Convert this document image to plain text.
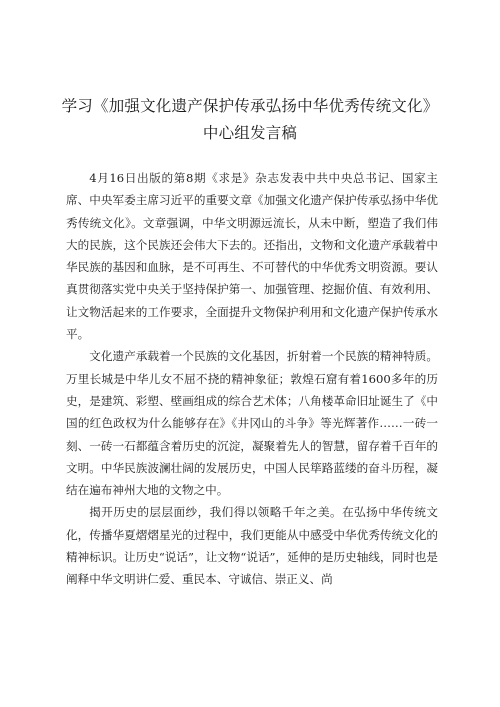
学习《加强文化遗产保护传承弘扬中华优秀传统文化》
中心组发言稿

4月16日出版的第8期《求是》杂志发表中共中央总书记、国家主席、中央军委主席习近平的重要文章《加强文化遗产保护传承弘扬中华优秀传统文化》。文章强调，中华文明源远流长，从未中断，塑造了我们伟大的民族，这个民族还会伟大下去的。还指出，文物和文化遗产承载着中华民族的基因和血脉，是不可再生、不可替代的中华优秀文明资源。要认真贯彻落实党中央关于坚持保护第一、加强管理、挖掘价值、有效利用、让文物活起来的工作要求，全面提升文物保护利用和文化遗产保护传承水平。

文化遗产承载着一个民族的文化基因，折射着一个民族的精神特质。万里长城是中华儿女不屈不挠的精神象征；敦煌石窟有着1600多年的历史，是建筑、彩塑、壁画组成的综合艺术体；八角楼革命旧址诞生了《中国的红色政权为什么能够存在》《井冈山的斗争》等光辉著作……一砖一刻、一砖一石都蕴含着历史的沉淀，凝聚着先人的智慧，留存着千百年的文明。中华民族波澜壮阔的发展历史，中国人民筚路蓝缕的奋斗历程，凝结在遍布神州大地的文物之中。

揭开历史的层层面纱，我们得以领略千年之美。在弘扬中华传统文化，传播华夏熠熠星光的过程中，我们更能从中感受中华优秀传统文化的精神标识。让历史“说话”，让文物“说话”，延伸的是历史轴线，同时也是阐释中华文明讲仁爱、重民本、守诚信、崇正义、尚
